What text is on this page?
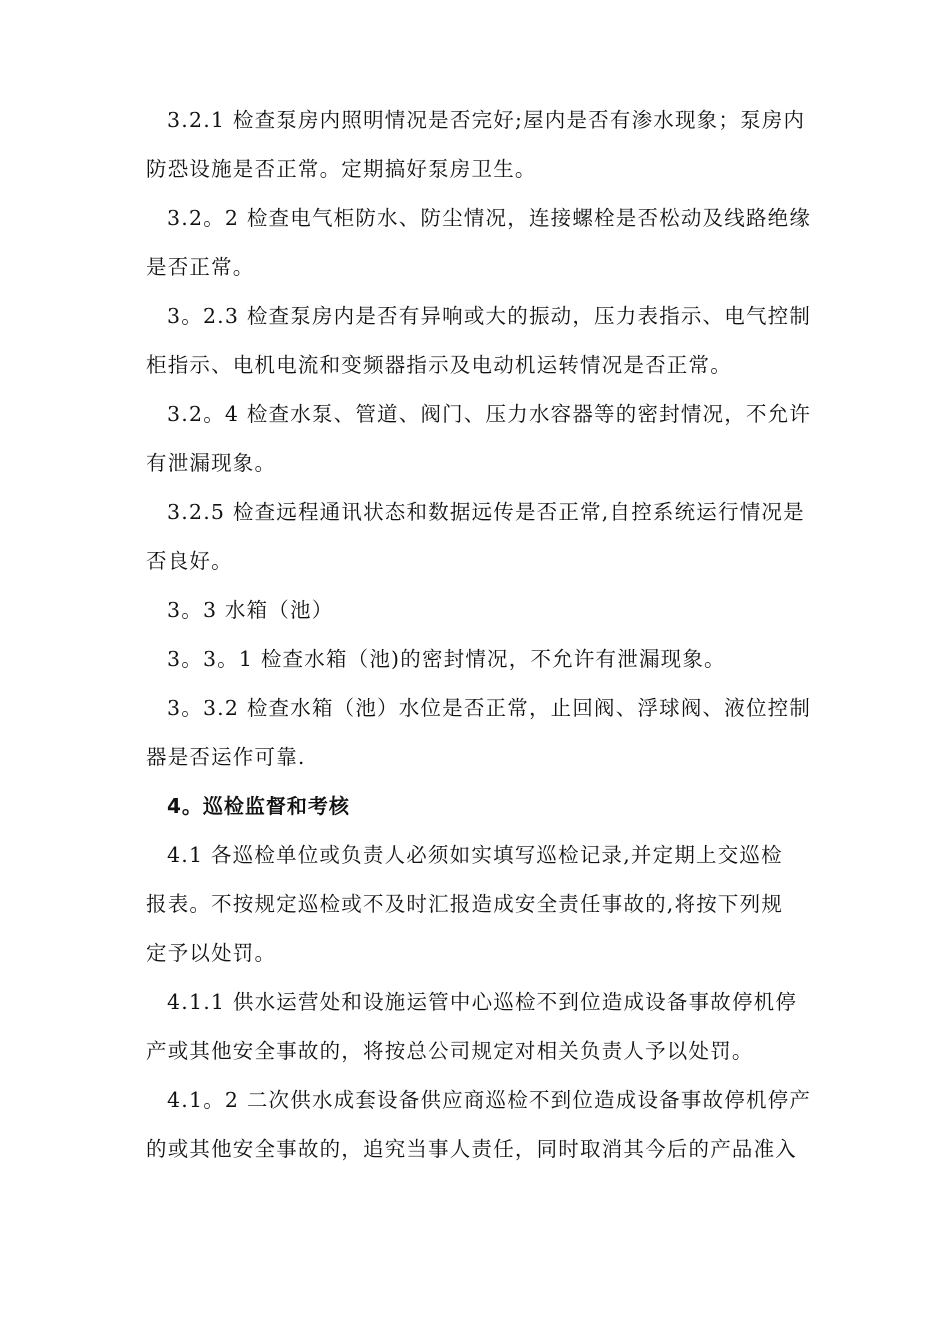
3.2.1 检查泵房内照明情况是否完好;屋内是否有渗水现象；泵房内
防恐设施是否正常。定期搞好泵房卫生。

3.2。2 检查电气柜防水、防尘情况，连接螺栓是否松动及线路绝缘
是否正常。

3。2.3 检查泵房内是否有异响或大的振动，压力表指示、电气控制
柜指示、电机电流和变频器指示及电动机运转情况是否正常。

3.2。4 检查水泵、管道、阀门、压力水容器等的密封情况，不允许
有泄漏现象。

3.2.5 检查远程通讯状态和数据远传是否正常,自控系统运行情况是
否良好。

3。3 水箱（池）

3。3。1 检查水箱（池)的密封情况，不允许有泄漏现象。

3。3.2 检查水箱（池）水位是否正常，止回阀、浮球阀、液位控制
器是否运作可靠.

4。巡检监督和考核

4.1 各巡检单位或负责人必须如实填写巡检记录,并定期上交巡检
报表。不按规定巡检或不及时汇报造成安全责任事故的,将按下列规
定予以处罚。

4.1.1 供水运营处和设施运管中心巡检不到位造成设备事故停机停
产或其他安全事故的，将按总公司规定对相关负责人予以处罚。

4.1。2 二次供水成套设备供应商巡检不到位造成设备事故停机停产
的或其他安全事故的，追究当事人责任，同时取消其今后的产品准入
